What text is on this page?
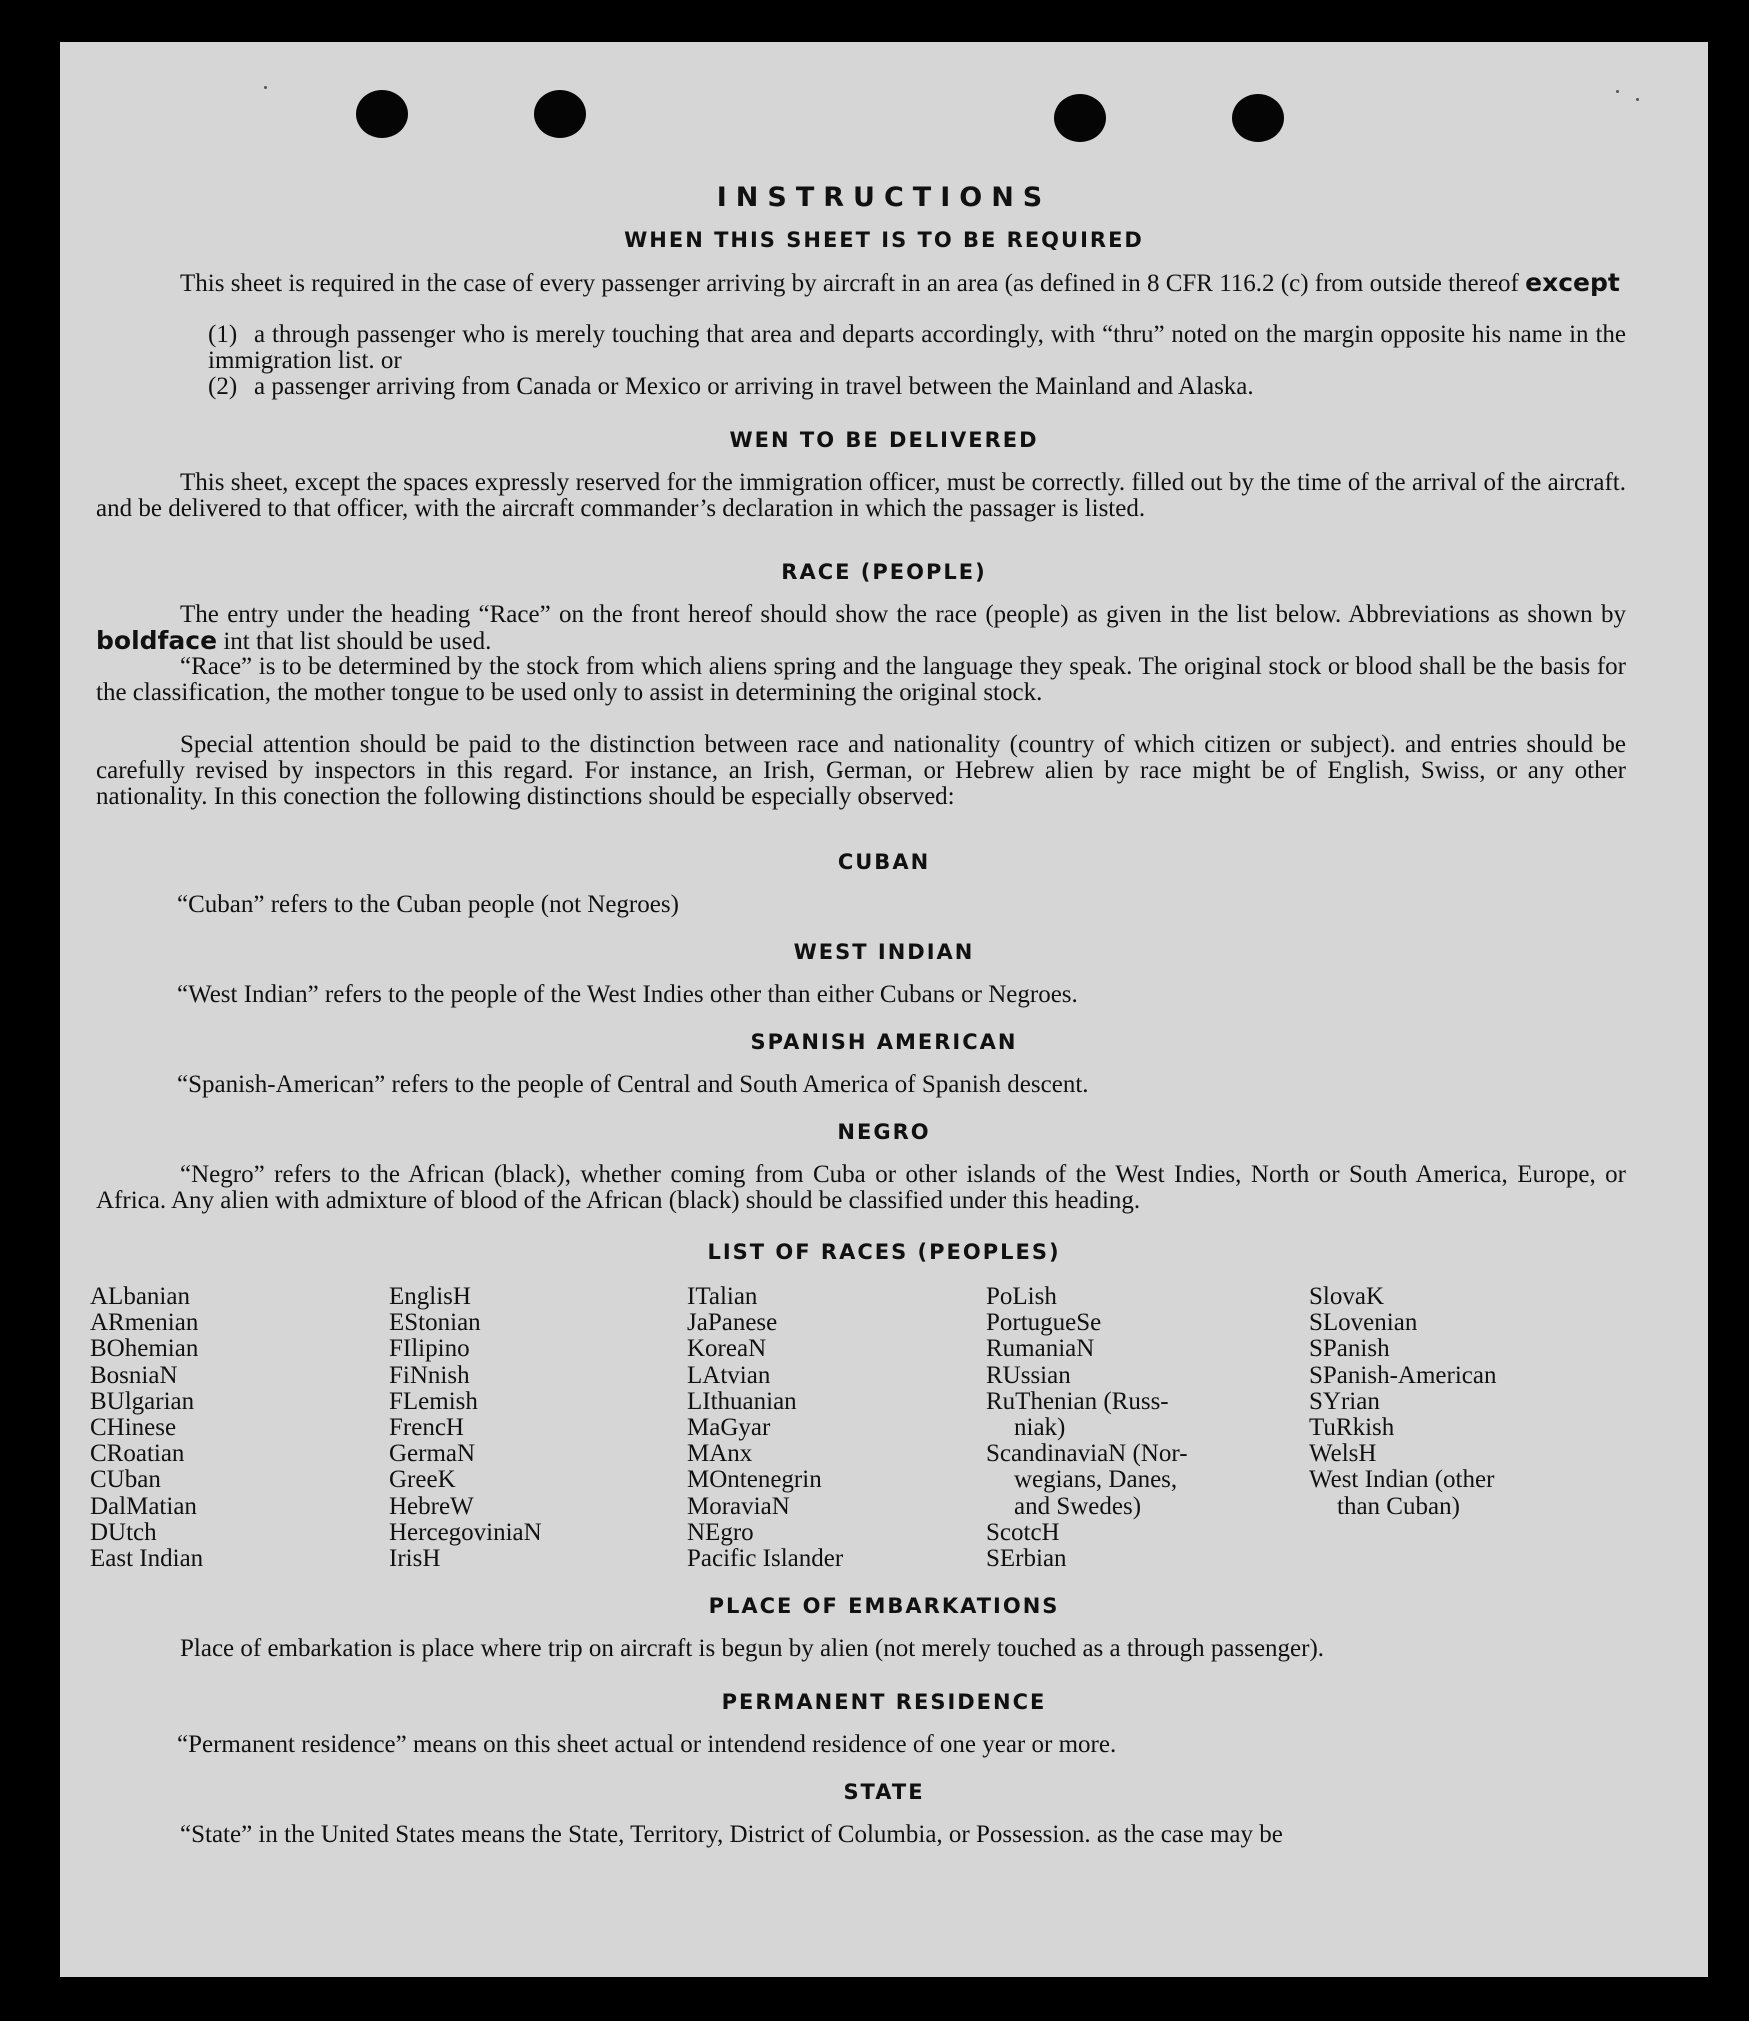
INSTRUCTIONS
WHEN THIS SHEET IS TO BE REQUIRED
This sheet is required in the case of every passenger arriving by aircraft in an area (as defined in 8 CFR 116.2 (c) from outside thereof except
(1) a through passenger who is merely touching that area and departs accordingly, with “thru” noted on the margin opposite his name in the immigration list. or
(2) a passenger arriving from Canada or Mexico or arriving in travel between the Mainland and Alaska.
WEN TO BE DELIVERED
This sheet, except the spaces expressly reserved for the immigration officer, must be correctly. filled out by the time of the arrival of the aircraft. and be delivered to that officer, with the aircraft commander’s declaration in which the passager is listed.
RACE (PEOPLE)
The entry under the heading “Race” on the front hereof should show the race (people) as given in the list below. Abbreviations as shown by boldface int that list should be used.
“Race” is to be determined by the stock from which aliens spring and the language they speak. The original stock or blood shall be the basis for the classification, the mother tongue to be used only to assist in determining the original stock.
Special attention should be paid to the distinction between race and nationality (country of which citizen or subject). and entries should be carefully revised by inspectors in this regard. For instance, an Irish, German, or Hebrew alien by race might be of English, Swiss, or any other nationality. In this conection the following distinctions should be especially observed:
CUBAN
“Cuban” refers to the Cuban people (not Negroes)
WEST INDIAN
“West Indian” refers to the people of the West Indies other than either Cubans or Negroes.
SPANISH AMERICAN
“Spanish-American” refers to the people of Central and South America of Spanish descent.
NEGRO
“Negro” refers to the African (black), whether coming from Cuba or other islands of the West Indies, North or South America, Europe, or Africa. Any alien with admixture of blood of the African (black) should be classified under this heading.
LIST OF RACES (PEOPLES)
ALbanian
ARmenian
BOhemian
BosniaN
BUlgarian
CHinese
CRoatian
CUban
DalMatian
DUtch
East Indian
EnglisH
EStonian
FIlipino
FiNnish
FLemish
FrencH
GermaN
GreeK
HebreW
HercegoviniaN
IrisH
ITalian
JaPanese
KoreaN
LAtvian
LIthuanian
MaGyar
MAnx
MOntenegrin
MoraviaN
NEgro
Pacific Islander
PoLish
PortugueSe
RumaniaN
RUssian
RuThenian (Russ-
niak)
ScandinaviaN (Nor-
wegians, Danes,
and Swedes)
ScotcH
SErbian
SlovaK
SLovenian
SPanish
SPanish-American
SYrian
TuRkish
WelsH
West Indian (other
than Cuban)
PLACE OF EMBARKATIONS
Place of embarkation is place where trip on aircraft is begun by alien (not merely touched as a through passenger).
PERMANENT RESIDENCE
“Permanent residence” means on this sheet actual or intendend residence of one year or more.
STATE
“State” in the United States means the State, Territory, District of Columbia, or Possession. as the case may be
